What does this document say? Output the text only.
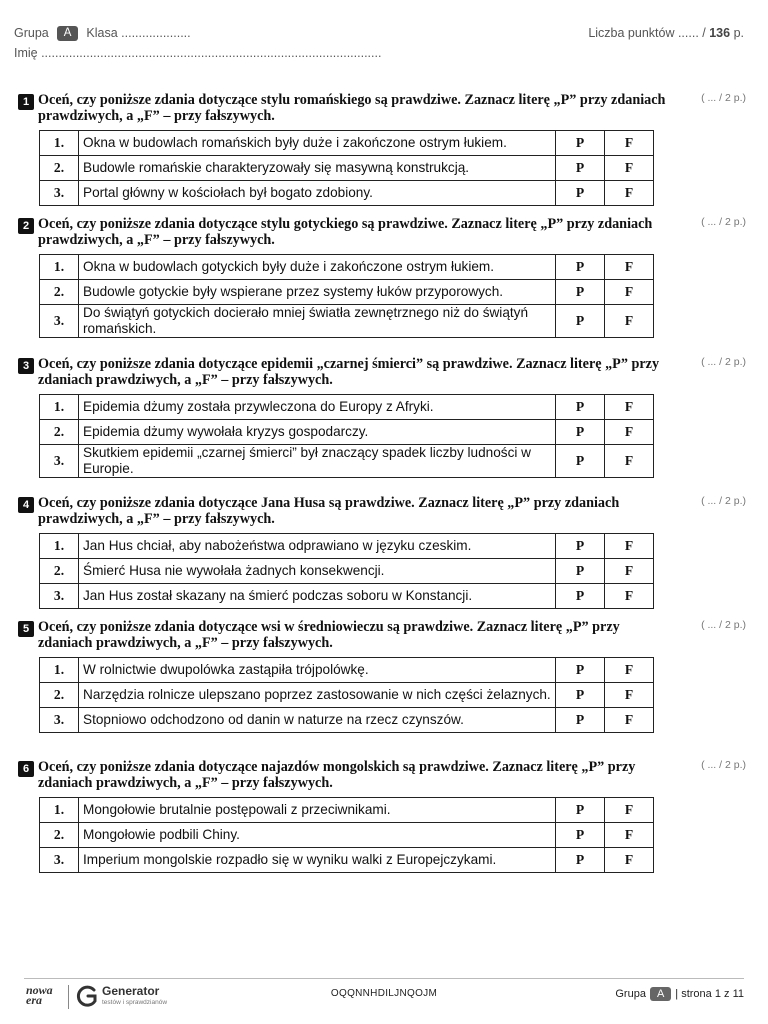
Grupa	A	Klasa ....................	Liczba punktów ...... / 136 p.
Imię ..................................................................................................
1 Oceń, czy poniższe zdania dotyczące stylu romańskiego są prawdziwe. Zaznacz literę „P” przy zdaniach prawdziwych, a „F” – przy fałszywych.
( ... / 2 p.)
1.	Okna w budowlach romańskich były duże i zakończone ostrym łukiem.	P	F
2.	Budowle romańskie charakteryzowały się masywną konstrukcją.	P	F
3.	Portal główny w kościołach był bogato zdobiony.	P	F
2 Oceń, czy poniższe zdania dotyczące stylu gotyckiego są prawdziwe. Zaznacz literę „P” przy zdaniach prawdziwych, a „F” – przy fałszywych.
( ... / 2 p.)
1.	Okna w budowlach gotyckich były duże i zakończone ostrym łukiem.	P	F
2.	Budowle gotyckie były wspierane przez systemy łuków przyporowych.	P	F
3.	Do świątyń gotyckich docierało mniej światła zewnętrznego niż do świątyń romańskich.	P	F
3 Oceń, czy poniższe zdania dotyczące epidemii „czarnej śmierci” są prawdziwe. Zaznacz literę „P” przy zdaniach prawdziwych, a „F” – przy fałszywych.
( ... / 2 p.)
1.	Epidemia dżumy została przywleczona do Europy z Afryki.	P	F
2.	Epidemia dżumy wywołała kryzys gospodarczy.	P	F
3.	Skutkiem epidemii „czarnej śmierci” był znaczący spadek liczby ludności w Europie.	P	F
4 Oceń, czy poniższe zdania dotyczące Jana Husa są prawdziwe. Zaznacz literę „P” przy zdaniach prawdziwych, a „F” – przy fałszywych.
( ... / 2 p.)
1.	Jan Hus chciał, aby nabożeństwa odprawiano w języku czeskim.	P	F
2.	Śmierć Husa nie wywołała żadnych konsekwencji.	P	F
3.	Jan Hus został skazany na śmierć podczas soboru w Konstancji.	P	F
5 Oceń, czy poniższe zdania dotyczące wsi w średniowieczu są prawdziwe. Zaznacz literę „P” przy zdaniach prawdziwych, a „F” – przy fałszywych.
( ... / 2 p.)
1.	W rolnictwie dwupolówka zastąpiła trójpolówkę.	P	F
2.	Narzędzia rolnicze ulepszano poprzez zastosowanie w nich części żelaznych.	P	F
3.	Stopniowo odchodzono od danin w naturze na rzecz czynszów.	P	F
6 Oceń, czy poniższe zdania dotyczące najazdów mongolskich są prawdziwe. Zaznacz literę „P” przy zdaniach prawdziwych, a „F” – przy fałszywych.
( ... / 2 p.)
1.	Mongołowie brutalnie postępowali z przeciwnikami.	P	F
2.	Mongołowie podbili Chiny.	P	F
3.	Imperium mongolskie rozpadło się w wyniku walki z Europejczykami.	P	F
nowa
era
Generator
testów i sprawdzianów
OQQNNHDILJNQOJM	Grupa	A	| strona 1 z 11
